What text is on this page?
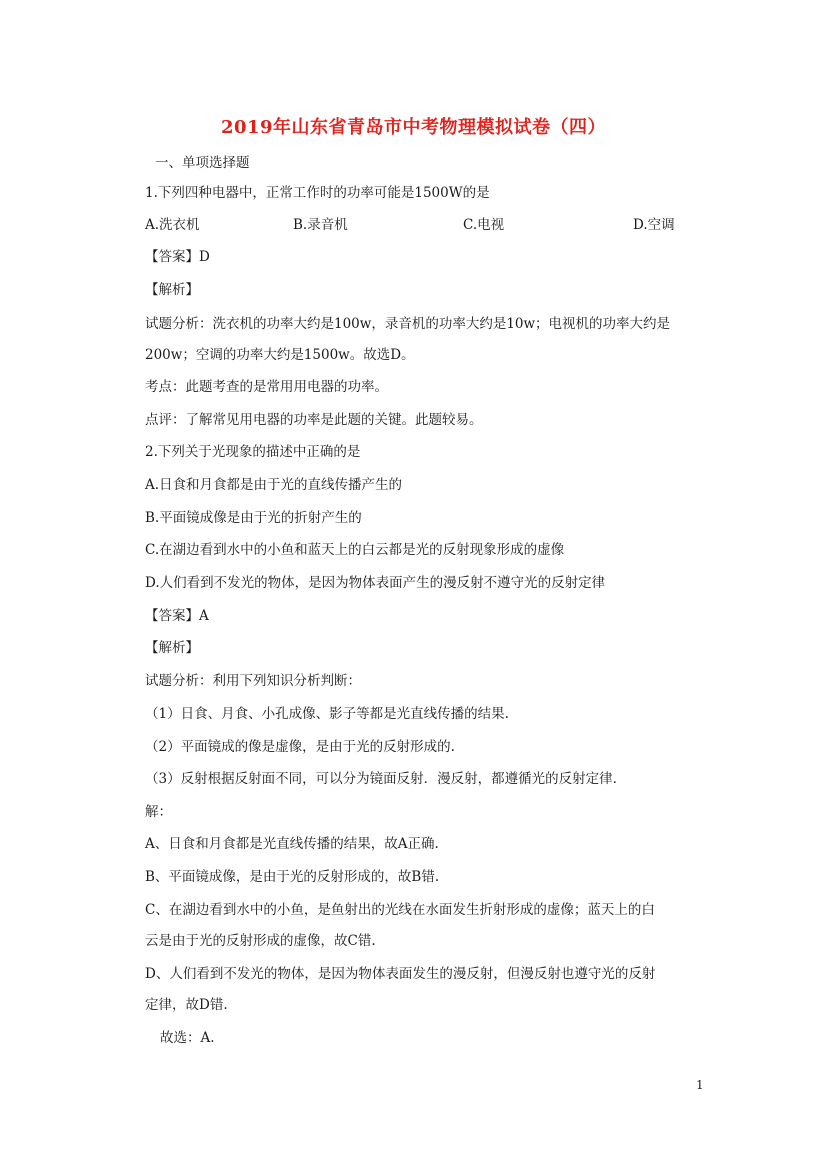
2019年山东省青岛市中考物理模拟试卷（四）
一、单项选择题
1.下列四种电器中，正常工作时的功率可能是1500W的是
A.洗衣机	B.录音机	C.电视	D.空调
【答案】D
【解析】
试题分析：洗衣机的功率大约是100w，录音机的功率大约是10w；电视机的功率大约是
200w；空调的功率大约是1500w。故选D。
考点：此题考查的是常用用电器的功率。
点评：了解常见用电器的功率是此题的关键。此题较易。
2.下列关于光现象的描述中正确的是
A.日食和月食都是由于光的直线传播产生的
B.平面镜成像是由于光的折射产生的
C.在湖边看到水中的小鱼和蓝天上的白云都是光的反射现象形成的虚像
D.人们看到不发光的物体，是因为物体表面产生的漫反射不遵守光的反射定律
【答案】A
【解析】
试题分析：利用下列知识分析判断：
（1）日食、月食、小孔成像、影子等都是光直线传播的结果.
（2）平面镜成的像是虚像，是由于光的反射形成的.
（3）反射根据反射面不同，可以分为镜面反射．漫反射，都遵循光的反射定律.
解：
A、日食和月食都是光直线传播的结果，故A正确.
B、平面镜成像，是由于光的反射形成的，故B错.
C、在湖边看到水中的小鱼，是鱼射出的光线在水面发生折射形成的虚像；蓝天上的白
云是由于光的反射形成的虚像，故C错.
D、人们看到不发光的物体，是因为物体表面发生的漫反射，但漫反射也遵守光的反射
定律，故D错.
故选：A.
1
